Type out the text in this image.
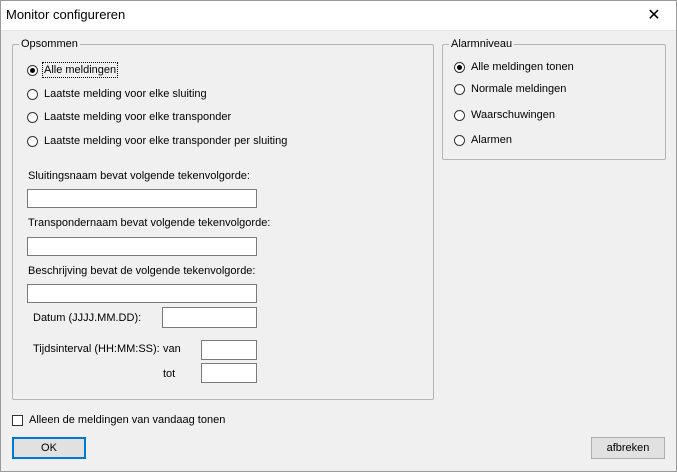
Monitor configureren	✕
Opsommen
Alle meldingen
Laatste melding voor elke sluiting
Laatste melding voor elke transponder
Laatste melding voor elke transponder per sluiting
Sluitingsnaam bevat volgende tekenvolgorde:
Transpondernaam bevat volgende tekenvolgorde:
Beschrijving bevat de volgende tekenvolgorde:
Datum (JJJJ.MM.DD):
Tijdsinterval (HH:MM:SS): van
tot
Alarmniveau
Alle meldingen tonen
Normale meldingen
Waarschuwingen
Alarmen
Alleen de meldingen van vandaag tonen
OK	afbreken
